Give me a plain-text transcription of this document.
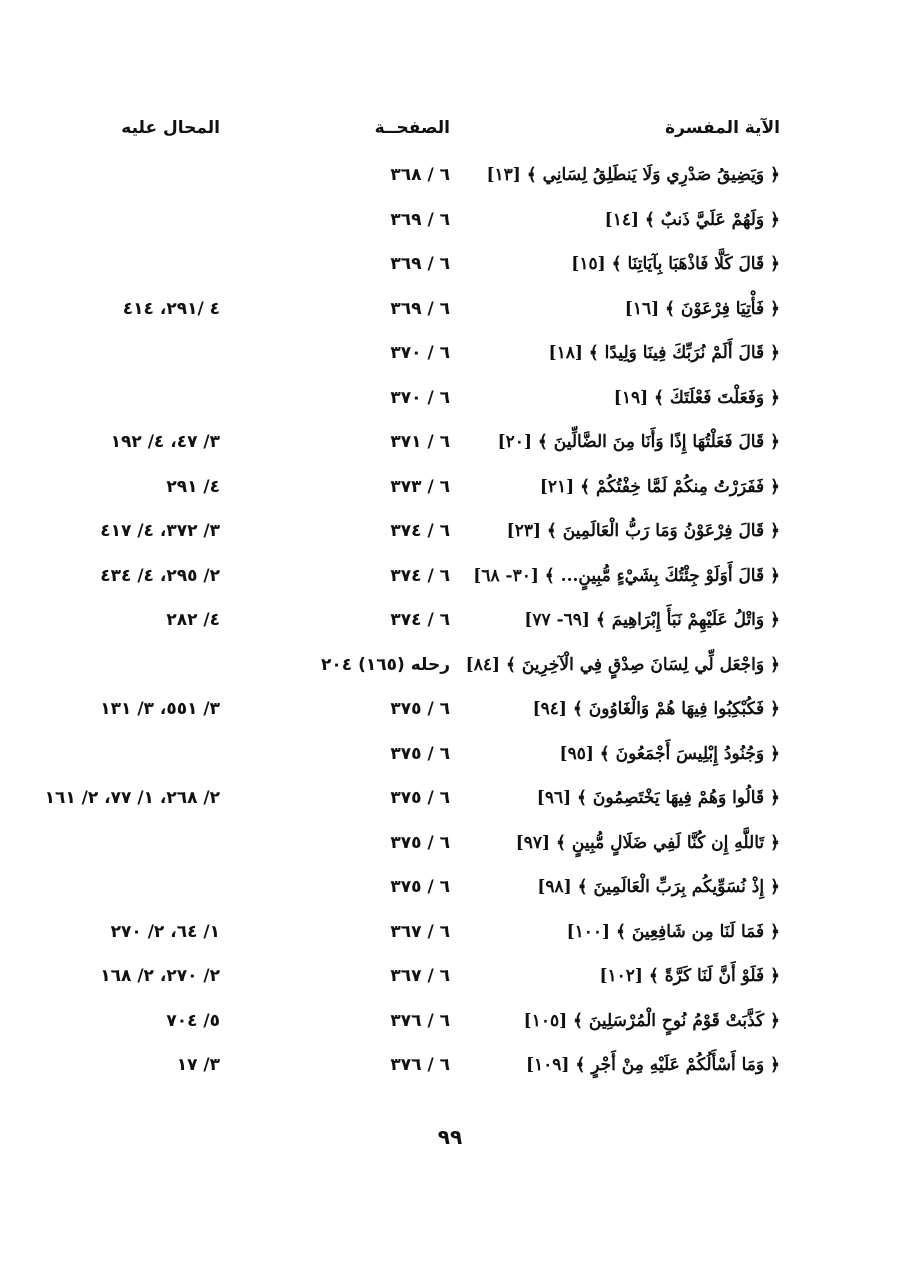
الآية المفسرة
الصفحــة
المحال عليه
﴿ وَيَضِيقُ صَدْرِي وَلَا يَنطَلِقُ لِسَانِي ﴾ [١٣]
٦ / ٣٦٨
﴿ وَلَهُمْ عَلَيَّ ذَنبٌ ﴾ [١٤]
٦ / ٣٦٩
﴿ قَالَ كَلَّا فَاذْهَبَا بِآيَاتِنَا ﴾ [١٥]
٦ / ٣٦٩
﴿ فَأْتِيَا فِرْعَوْنَ ﴾ [١٦]
٦ / ٣٦٩
٤ /٢٩١، ٤١٤
﴿ قَالَ أَلَمْ نُرَبِّكَ فِينَا وَلِيدًا ﴾ [١٨]
٦ / ٣٧٠
﴿ وَفَعَلْتَ فَعْلَتَكَ ﴾ [١٩]
٦ / ٣٧٠
﴿ قَالَ فَعَلْتُهَا إِذًا وَأَنَا مِنَ الضَّالِّينَ ﴾ [٢٠]
٦ / ٣٧١
٣/ ٤٧، ٤/ ١٩٢
﴿ فَفَرَرْتُ مِنكُمْ لَمَّا خِفْتُكُمْ ﴾ [٢١]
٦ / ٣٧٣
٤/ ٢٩١
﴿ قَالَ فِرْعَوْنُ وَمَا رَبُّ الْعَالَمِينَ ﴾ [٢٣]
٦ / ٣٧٤
٣/ ٣٧٢، ٤/ ٤١٧
﴿ قَالَ أَوَلَوْ جِئْتُكَ بِشَيْءٍ مُّبِينٍ... ﴾ [٣٠- ٦٨]
٦ / ٣٧٤
٢/ ٢٩٥، ٤/ ٤٣٤
﴿ وَاتْلُ عَلَيْهِمْ نَبَأَ إِبْرَاهِيمَ ﴾ [٦٩- ٧٧]
٦ / ٣٧٤
٤/ ٢٨٢
﴿ وَاجْعَل لِّي لِسَانَ صِدْقٍ فِي الْآخِرِينَ ﴾ [٨٤]
رحله (١٦٥) ٢٠٤
﴿ فَكُبْكِبُوا فِيهَا هُمْ وَالْغَاوُونَ ﴾ [٩٤]
٦ / ٣٧٥
٣/ ٥٥١، ٣/ ١٣١
﴿ وَجُنُودُ إِبْلِيسَ أَجْمَعُونَ ﴾ [٩٥]
٦ / ٣٧٥
﴿ قَالُوا وَهُمْ فِيهَا يَخْتَصِمُونَ ﴾ [٩٦]
٦ / ٣٧٥
٢/ ٢٦٨، ١/ ٧٧، ٢/ ١٦١
﴿ تَاللَّهِ إِن كُنَّا لَفِي ضَلَالٍ مُّبِينٍ ﴾ [٩٧]
٦ / ٣٧٥
﴿ إِذْ نُسَوِّيكُم بِرَبِّ الْعَالَمِينَ ﴾ [٩٨]
٦ / ٣٧٥
﴿ فَمَا لَنَا مِن شَافِعِينَ ﴾ [١٠٠]
٦ / ٣٦٧
١/ ٦٤، ٢/ ٢٧٠
﴿ فَلَوْ أَنَّ لَنَا كَرَّةً ﴾ [١٠٢]
٦ / ٣٦٧
٢/ ٢٧٠، ٢/ ١٦٨
﴿ كَذَّبَتْ قَوْمُ نُوحٍ الْمُرْسَلِينَ ﴾ [١٠٥]
٦ / ٣٧٦
٥/ ٧٠٤
﴿ وَمَا أَسْأَلُكُمْ عَلَيْهِ مِنْ أَجْرٍ ﴾ [١٠٩]
٦ / ٣٧٦
٣/ ١٧
٩٩
